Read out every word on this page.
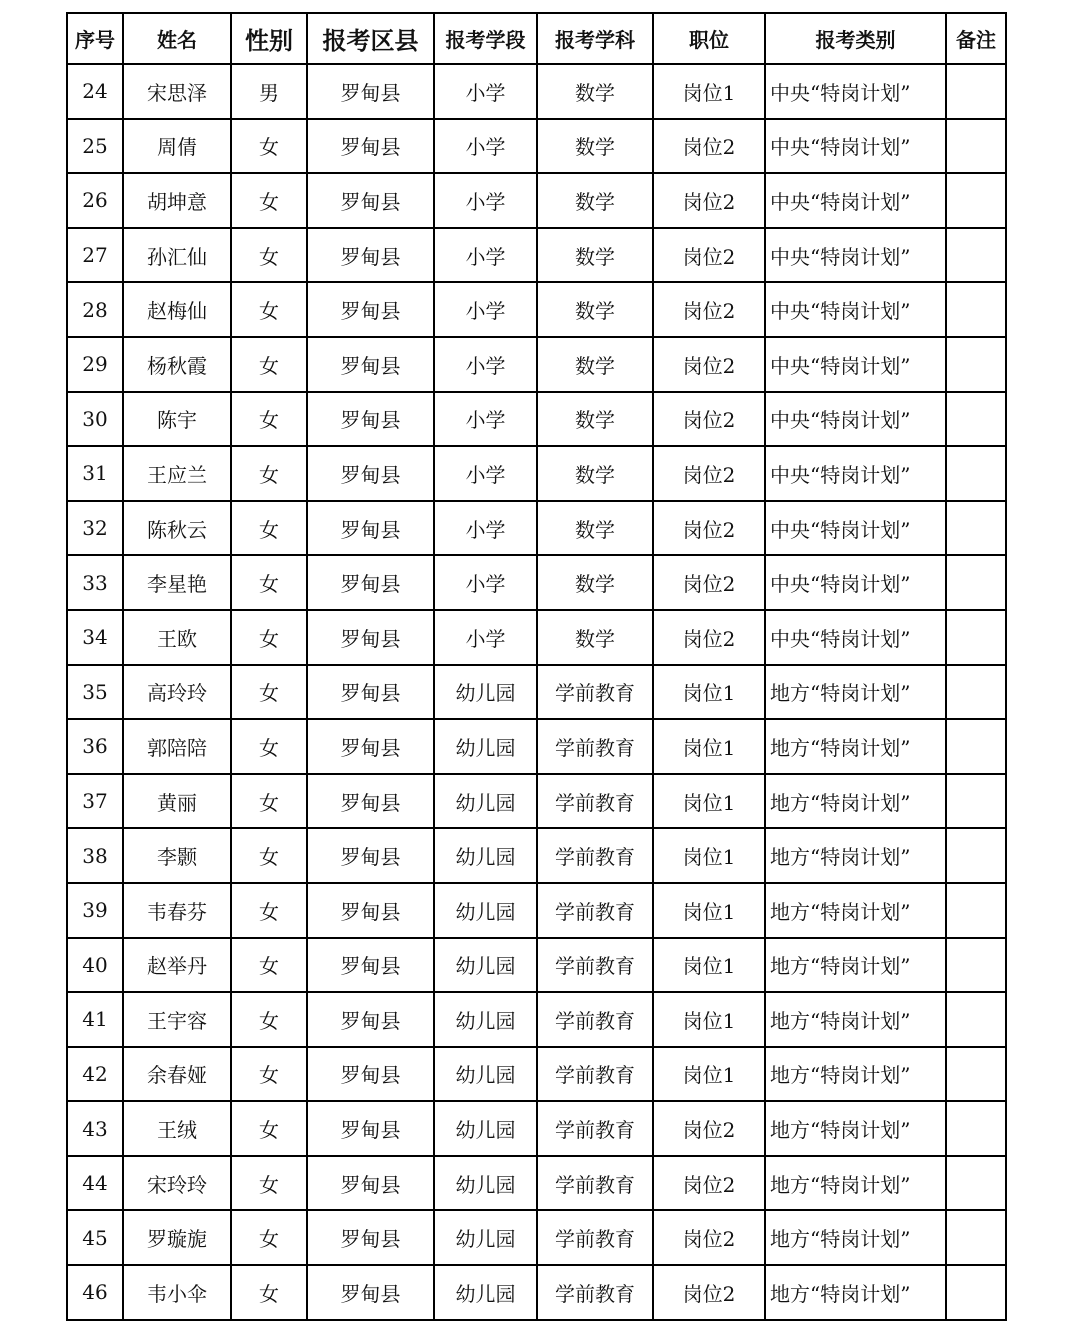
序号	姓名	性别	报考区县	报考学段	报考学科	职位	报考类别	备注
24	宋思泽	男	罗甸县	小学	数学	岗位1	中央“特岗计划”	
25	周倩	女	罗甸县	小学	数学	岗位2	中央“特岗计划”	
26	胡坤意	女	罗甸县	小学	数学	岗位2	中央“特岗计划”	
27	孙汇仙	女	罗甸县	小学	数学	岗位2	中央“特岗计划”	
28	赵梅仙	女	罗甸县	小学	数学	岗位2	中央“特岗计划”	
29	杨秋霞	女	罗甸县	小学	数学	岗位2	中央“特岗计划”	
30	陈宇	女	罗甸县	小学	数学	岗位2	中央“特岗计划”	
31	王应兰	女	罗甸县	小学	数学	岗位2	中央“特岗计划”	
32	陈秋云	女	罗甸县	小学	数学	岗位2	中央“特岗计划”	
33	李星艳	女	罗甸县	小学	数学	岗位2	中央“特岗计划”	
34	王欧	女	罗甸县	小学	数学	岗位2	中央“特岗计划”	
35	高玲玲	女	罗甸县	幼儿园	学前教育	岗位1	地方“特岗计划”	
36	郭陪陪	女	罗甸县	幼儿园	学前教育	岗位1	地方“特岗计划”	
37	黄丽	女	罗甸县	幼儿园	学前教育	岗位1	地方“特岗计划”	
38	李颢	女	罗甸县	幼儿园	学前教育	岗位1	地方“特岗计划”	
39	韦春芬	女	罗甸县	幼儿园	学前教育	岗位1	地方“特岗计划”	
40	赵举丹	女	罗甸县	幼儿园	学前教育	岗位1	地方“特岗计划”	
41	王宇容	女	罗甸县	幼儿园	学前教育	岗位1	地方“特岗计划”	
42	余春娅	女	罗甸县	幼儿园	学前教育	岗位1	地方“特岗计划”	
43	王绒	女	罗甸县	幼儿园	学前教育	岗位2	地方“特岗计划”	
44	宋玲玲	女	罗甸县	幼儿园	学前教育	岗位2	地方“特岗计划”	
45	罗璇旎	女	罗甸县	幼儿园	学前教育	岗位2	地方“特岗计划”	
46	韦小伞	女	罗甸县	幼儿园	学前教育	岗位2	地方“特岗计划”	
